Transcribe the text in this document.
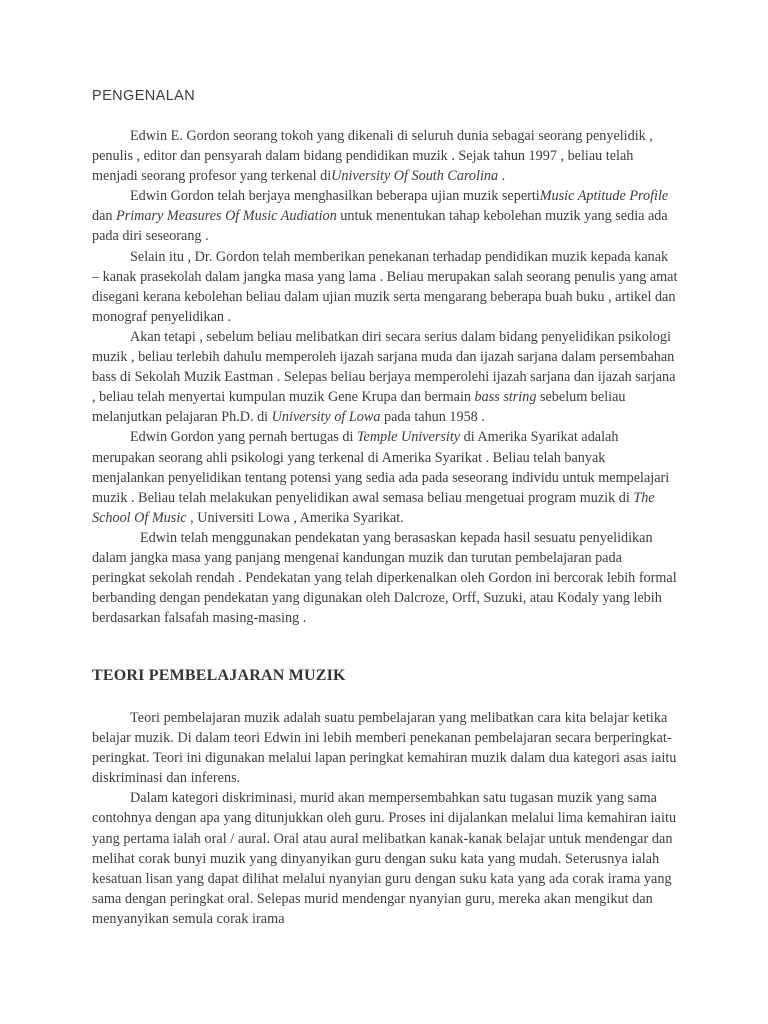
PENGENALAN

Edwin E. Gordon seorang tokoh yang dikenali di seluruh dunia sebagai seorang penyelidik , penulis , editor dan pensyarah dalam bidang pendidikan muzik . Sejak tahun 1997 , beliau telah menjadi seorang profesor yang terkenal diUniversity Of South Carolina .

Edwin Gordon telah berjaya menghasilkan beberapa ujian muzik sepertiMusic Aptitude Profile dan Primary Measures Of Music Audiation untuk menentukan tahap kebolehan muzik yang sedia ada pada diri seseorang .

Selain itu , Dr. Gordon telah memberikan penekanan terhadap pendidikan muzik kepada kanak – kanak prasekolah dalam jangka masa yang lama . Beliau merupakan salah seorang penulis yang amat disegani kerana kebolehan beliau dalam ujian muzik serta mengarang beberapa buah buku , artikel dan monograf penyelidikan .

Akan tetapi , sebelum beliau melibatkan diri secara serius dalam bidang penyelidikan psikologi muzik , beliau terlebih dahulu memperoleh ijazah sarjana muda dan ijazah sarjana dalam persembahan bass di Sekolah Muzik Eastman . Selepas beliau berjaya memperolehi ijazah sarjana dan ijazah sarjana , beliau telah menyertai kumpulan muzik Gene Krupa dan bermain bass string sebelum beliau melanjutkan pelajaran Ph.D. di University of Lowa pada tahun 1958 .

Edwin Gordon yang pernah bertugas di Temple University di Amerika Syarikat adalah merupakan seorang ahli psikologi yang terkenal di Amerika Syarikat . Beliau telah banyak menjalankan penyelidikan tentang potensi yang sedia ada pada seseorang individu untuk mempelajari muzik . Beliau telah melakukan penyelidikan awal semasa beliau mengetuai program muzik di The School Of Music , Universiti Lowa , Amerika Syarikat.

Edwin telah menggunakan pendekatan yang berasaskan kepada hasil sesuatu penyelidikan dalam jangka masa yang panjang mengenai kandungan muzik dan turutan pembelajaran pada peringkat sekolah rendah . Pendekatan yang telah diperkenalkan oleh Gordon ini bercorak lebih formal berbanding dengan pendekatan yang digunakan oleh Dalcroze, Orff, Suzuki, atau Kodaly yang lebih berdasarkan falsafah masing-masing .

TEORI PEMBELAJARAN MUZIK

Teori pembelajaran muzik adalah suatu pembelajaran yang melibatkan cara kita belajar ketika belajar muzik. Di dalam teori Edwin ini lebih memberi penekanan pembelajaran secara berperingkat-peringkat. Teori ini digunakan melalui lapan peringkat kemahiran muzik dalam dua kategori asas iaitu diskriminasi dan inferens.

Dalam kategori diskriminasi, murid akan mempersembahkan satu tugasan muzik yang sama contohnya dengan apa yang ditunjukkan oleh guru. Proses ini dijalankan melalui lima kemahiran iaitu yang pertama ialah oral / aural. Oral atau aural melibatkan kanak-kanak belajar untuk mendengar dan melihat corak bunyi muzik yang dinyanyikan guru dengan suku kata yang mudah. Seterusnya ialah kesatuan lisan yang dapat dilihat melalui nyanyian guru dengan suku kata yang ada corak irama yang sama dengan peringkat oral. Selepas murid mendengar nyanyian guru, mereka akan mengikut dan menyanyikan semula corak irama
